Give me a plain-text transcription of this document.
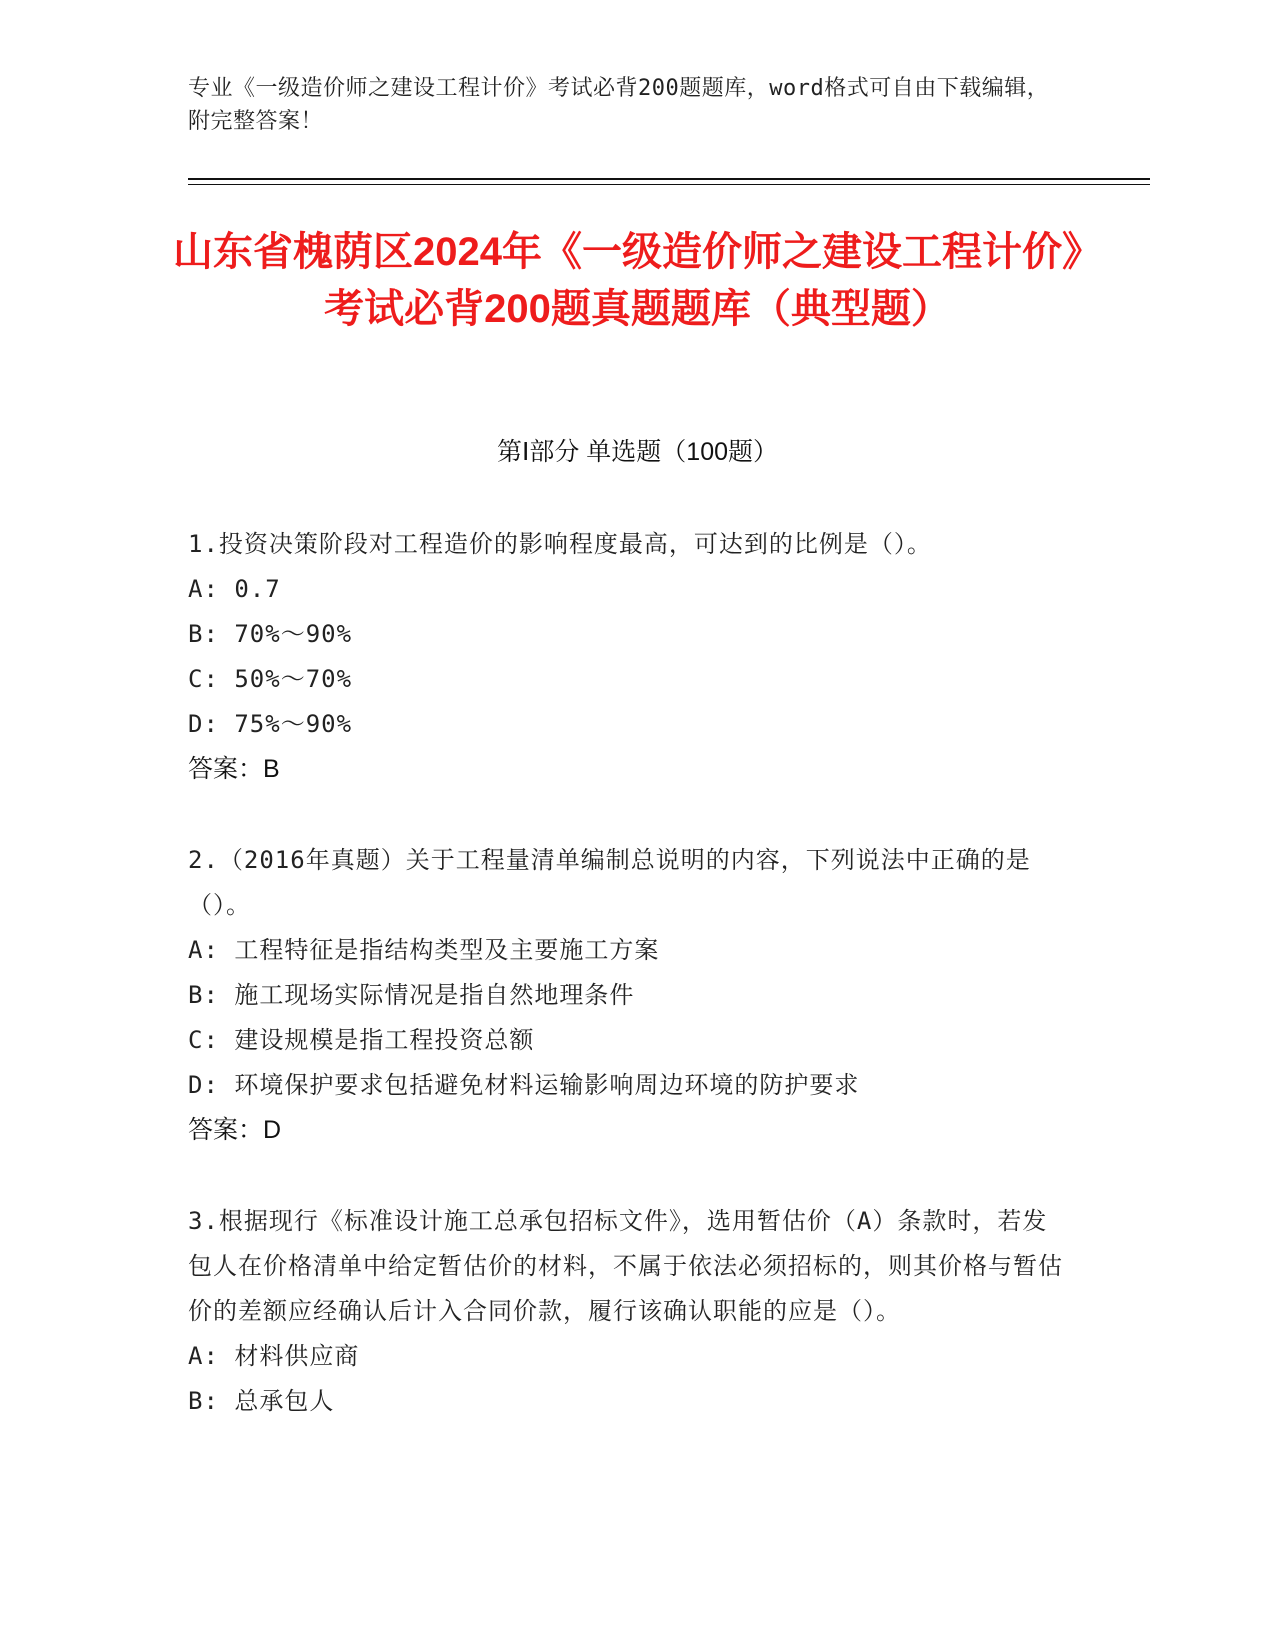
专业《一级造价师之建设工程计价》考试必背200题题库，word格式可自由下载编辑，附完整答案！
山东省槐荫区2024年《一级造价师之建设工程计价》考试必背200题真题题库（典型题）
第Ⅰ部分 单选题（100题）
1.投资决策阶段对工程造价的影响程度最高，可达到的比例是（）。
A: 0.7
B: 70%～90%
C: 50%～70%
D: 75%～90%
答案：B
2.（2016年真题）关于工程量清单编制总说明的内容，下列说法中正确的是（）。
A: 工程特征是指结构类型及主要施工方案
B: 施工现场实际情况是指自然地理条件
C: 建设规模是指工程投资总额
D: 环境保护要求包括避免材料运输影响周边环境的防护要求
答案：D
3.根据现行《标准设计施工总承包招标文件》，选用暂估价（A）条款时，若发包人在价格清单中给定暂估价的材料，不属于依法必须招标的，则其价格与暂估价的差额应经确认后计入合同价款，履行该确认职能的应是（）。
A: 材料供应商
B: 总承包人
